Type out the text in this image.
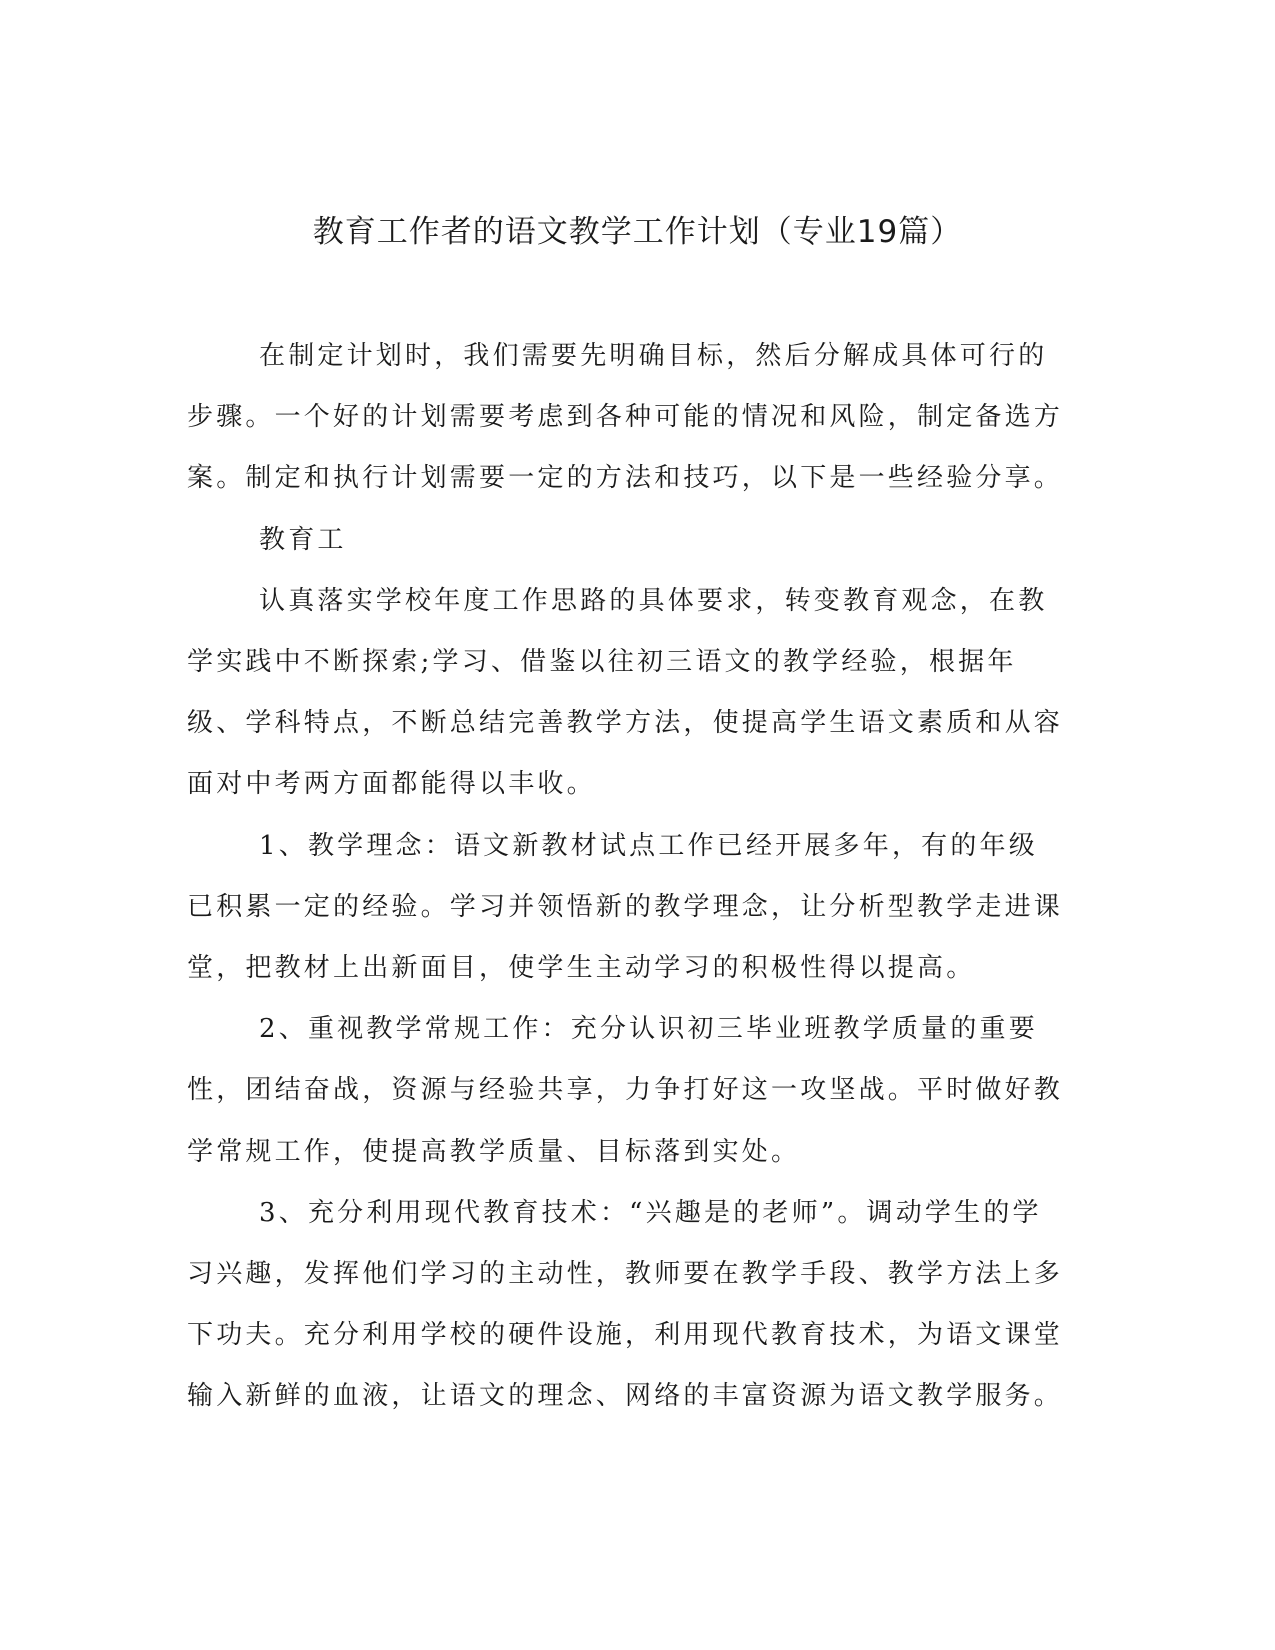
教育工作者的语文教学工作计划（专业19篇）

在制定计划时，我们需要先明确目标，然后分解成具体可行的步骤。一个好的计划需要考虑到各种可能的情况和风险，制定备选方案。制定和执行计划需要一定的方法和技巧，以下是一些经验分享。

教育工

认真落实学校年度工作思路的具体要求，转变教育观念，在教学实践中不断探索;学习、借鉴以往初三语文的教学经验，根据年级、学科特点，不断总结完善教学方法，使提高学生语文素质和从容面对中考两方面都能得以丰收。

1、教学理念：语文新教材试点工作已经开展多年，有的年级已积累一定的经验。学习并领悟新的教学理念，让分析型教学走进课堂，把教材上出新面目，使学生主动学习的积极性得以提高。

2、重视教学常规工作：充分认识初三毕业班教学质量的重要性，团结奋战，资源与经验共享，力争打好这一攻坚战。平时做好教学常规工作，使提高教学质量、目标落到实处。

3、充分利用现代教育技术：“兴趣是的老师”。调动学生的学习兴趣，发挥他们学习的主动性，教师要在教学手段、教学方法上多下功夫。充分利用学校的硬件设施，利用现代教育技术，为语文课堂输入新鲜的血液，让语文的理念、网络的丰富资源为语文教学服务。
